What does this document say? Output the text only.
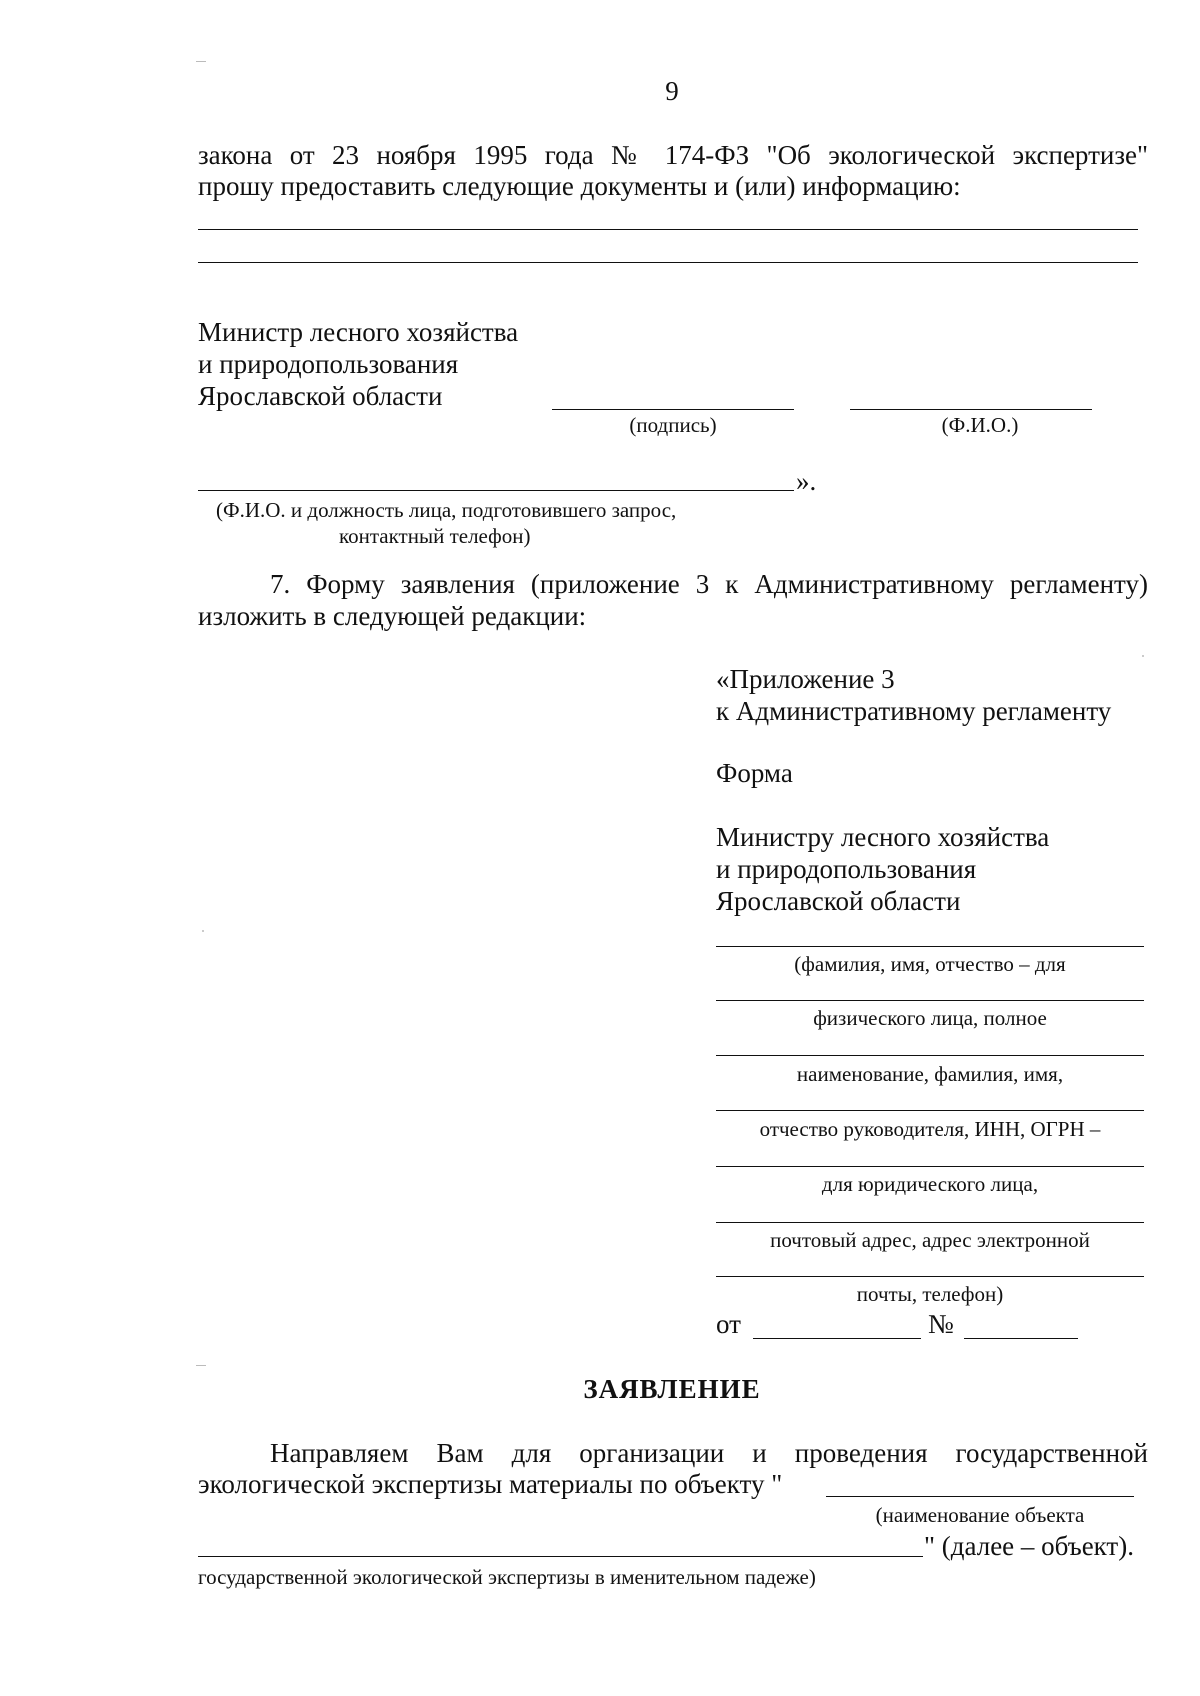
9
закона от 23 ноября 1995 года № 174-ФЗ "Об экологической экспертизе"
прошу предоставить следующие документы и (или) информацию:
Министр лесного хозяйства
и природопользования
Ярославской области
(подпись)	(Ф.И.О.)
».
(Ф.И.О. и должность лица, подготовившего запрос,
контактный телефон)
7. Форму заявления (приложение 3 к Административному регламенту)
изложить в следующей редакции:
«Приложение 3
к Административному регламенту
Форма
Министру лесного хозяйства
и природопользования
Ярославской области
(фамилия, имя, отчество – для
физического лица, полное
наименование, фамилия, имя,
отчество руководителя, ИНН, ОГРН –
для юридического лица,
почтовый адрес, адрес электронной
почты, телефон)
от	№
ЗАЯВЛЕНИЕ
Направляем Вам для организации и проведения государственной
экологической экспертизы материалы по объекту "
(наименование объекта
" (далее – объект).
государственной экологической экспертизы в именительном падеже)
